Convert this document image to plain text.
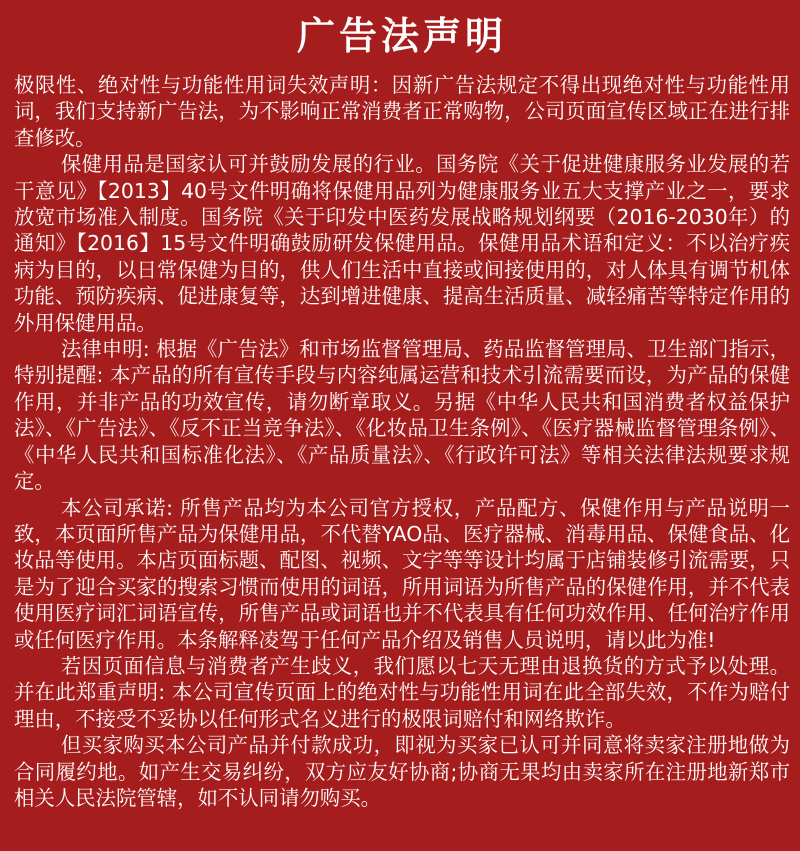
广告法声明

极限性、绝对性与功能性用词失效声明：因新广告法规定不得出现绝对性与功能性用词，我们支持新广告法，为不影响正常消费者正常购物，公司页面宣传区域正在进行排查修改。

保健用品是国家认可并鼓励发展的行业。国务院《关于促进健康服务业发展的若干意见》【2013】40号文件明确将保健用品列为健康服务业五大支撑产业之一，要求放宽市场准入制度。国务院《关于印发中医药发展战略规划纲要（2016-2030年）的通知》【2016】15号文件明确鼓励研发保健用品。保健用品术语和定义：不以治疗疾病为目的，以日常保健为目的，供人们生活中直接或间接使用的，对人体具有调节机体功能、预防疾病、促进康复等，达到增进健康、提高生活质量、减轻痛苦等特定作用的外用保健用品。

法律申明: 根据《广告法》和市场监督管理局、药品监督管理局、卫生部门指示，特别提醒: 本产品的所有宣传手段与内容纯属运营和技术引流需要而设，为产品的保健作用，并非产品的功效宣传，请勿断章取义。另据《中华人民共和国消费者权益保护法》、《广告法》、《反不正当竞争法》、《化妆品卫生条例》、《医疗器械监督管理条例》、《中华人民共和国标准化法》、《产品质量法》、《行政许可法》等相关法律法规要求规定。

本公司承诺: 所售产品均为本公司官方授权，产品配方、保健作用与产品说明一致，本页面所售产品为保健用品，不代替YAO品、医疗器械、消毒用品、保健食品、化妆品等使用。本店页面标题、配图、视频、文字等等设计均属于店铺装修引流需要，只是为了迎合买家的搜索习惯而使用的词语，所用词语为所售产品的保健作用，并不代表使用医疗词汇词语宣传，所售产品或词语也并不代表具有任何功效作用、任何治疗作用或任何医疗作用。本条解释凌驾于任何产品介绍及销售人员说明，请以此为准!

若因页面信息与消费者产生歧义，我们愿以七天无理由退换货的方式予以处理。并在此郑重声明: 本公司宣传页面上的绝对性与功能性用词在此全部失效，不作为赔付理由，不接受不妥协以任何形式名义进行的极限词赔付和网络欺诈。

但买家购买本公司产品并付款成功，即视为买家已认可并同意将卖家注册地做为合同履约地。如产生交易纠纷，双方应友好协商;协商无果均由卖家所在注册地新郑市相关人民法院管辖，如不认同请勿购买。
